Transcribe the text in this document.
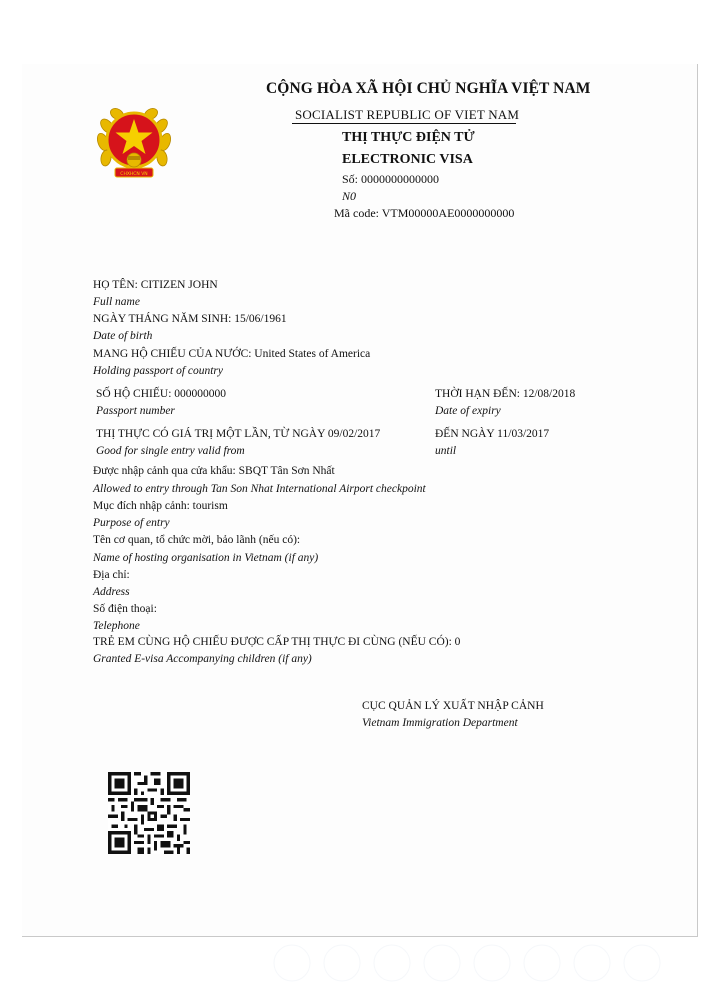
CHXHCN VN
CỘNG HÒA XÃ HỘI CHỦ NGHĨA VIỆT NAM
SOCIALIST REPUBLIC OF VIET NAM
THỊ THỰC ĐIỆN TỬ
ELECTRONIC VISA
Số: 0000000000000
N0
Mã code: VTM00000AE0000000000
HỌ TÊN: CITIZEN JOHN
Full name
NGÀY THÁNG NĂM SINH: 15/06/1961
Date of birth
MANG HỘ CHIẾU CỦA NƯỚC: United States of America
Holding passport of country
SỐ HỘ CHIẾU: 000000000
Passport number
THỜI HẠN ĐẾN: 12/08/2018
Date of expiry
THỊ THỰC CÓ GIÁ TRỊ MỘT LẦN, TỪ NGÀY 09/02/2017
Good for single entry valid from
ĐẾN NGÀY 11/03/2017
until
Được nhập cảnh qua cửa khẩu: SBQT Tân Sơn Nhất
Allowed to entry through Tan Son Nhat International Airport checkpoint
Mục đích nhập cảnh: tourism
Purpose of entry
Tên cơ quan, tổ chức mời, bảo lãnh (nếu có):
Name of hosting organisation in Vietnam (if any)
Địa chỉ:
Address
Số điện thoại:
Telephone
TRẺ EM CÙNG HỘ CHIẾU ĐƯỢC CẤP THỊ THỰC ĐI CÙNG (NẾU CÓ): 0
Granted E-visa Accompanying children (if any)
CỤC QUẢN LÝ XUẤT NHẬP CẢNH
Vietnam Immigration Department
